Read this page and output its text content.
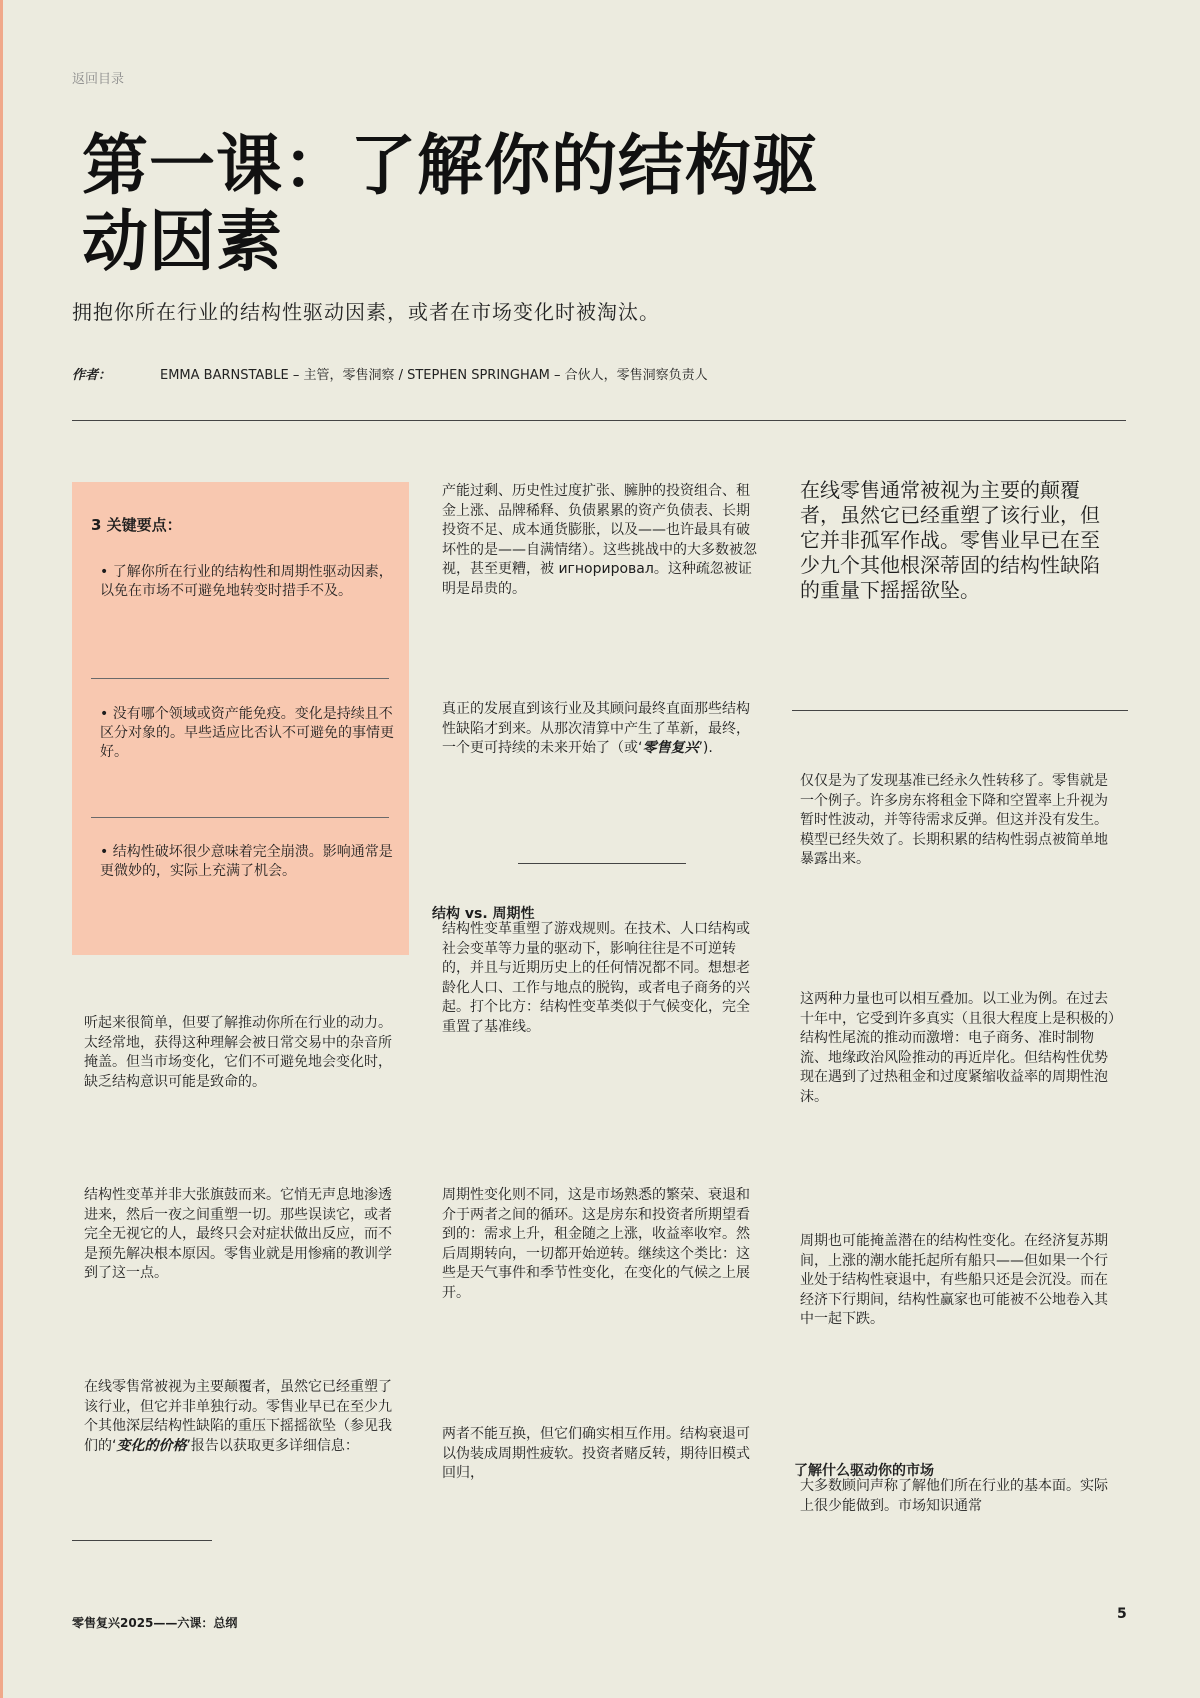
返回目录
第一课：了解你的结构驱动因素
拥抱你所在行业的结构性驱动因素，或者在市场变化时被淘汰。
作者：	EMMA BARNSTABLE – 主管，零售洞察 / STEPHEN SPRINGHAM – 合伙人，零售洞察负责人
3 关键要点：
• 了解你所在行业的结构性和周期性驱动因素，以免在市场不可避免地转变时措手不及。
• 没有哪个领域或资产能免疫。变化是持续且不区分对象的。早些适应比否认不可避免的事情更好。
• 结构性破坏很少意味着完全崩溃。影响通常是更微妙的，实际上充满了机会。
听起来很简单，但要了解推动你所在行业的动力。太经常地，获得这种理解会被日常交易中的杂音所掩盖。但当市场变化，它们不可避免地会变化时，缺乏结构意识可能是致命的。
结构性变革并非大张旗鼓而来。它悄无声息地渗透进来，然后一夜之间重塑一切。那些误读它，或者完全无视它的人，最终只会对症状做出反应，而不是预先解决根本原因。零售业就是用惨痛的教训学到了这一点。
在线零售常被视为主要颠覆者，虽然它已经重塑了该行业，但它并非单独行动。零售业早已在至少九个其他深层结构性缺陷的重压下摇摇欲坠（参见我们的‘变化的价格’报告以获取更多详细信息：
产能过剩、历史性过度扩张、臃肿的投资组合、租金上涨、品牌稀释、负债累累的资产负债表、长期投资不足、成本通货膨胀，以及——也许最具有破坏性的是——自满情绪）。这些挑战中的大多数被忽视，甚至更糟，被 игнорировал。这种疏忽被证明是昂贵的。
真正的发展直到该行业及其顾问最终直面那些结构性缺陷才到来。从那次清算中产生了革新，最终，一个更可持续的未来开始了（或‘零售复兴’).
结构 vs. 周期性
结构性变革重塑了游戏规则。在技术、人口结构或社会变革等力量的驱动下，影响往往是不可逆转的，并且与近期历史上的任何情况都不同。想想老龄化人口、工作与地点的脱钩，或者电子商务的兴起。打个比方：结构性变革类似于气候变化，完全重置了基准线。
周期性变化则不同，这是市场熟悉的繁荣、衰退和介于两者之间的循环。这是房东和投资者所期望看到的：需求上升，租金随之上涨，收益率收窄。然后周期转向，一切都开始逆转。继续这个类比：这些是天气事件和季节性变化，在变化的气候之上展开。
两者不能互换，但它们确实相互作用。结构衰退可以伪装成周期性疲软。投资者赌反转，期待旧模式回归，
在线零售通常被视为主要的颠覆者，虽然它已经重塑了该行业，但它并非孤军作战。零售业早已在至少九个其他根深蒂固的结构性缺陷的重量下摇摇欲坠。
仅仅是为了发现基准已经永久性转移了。零售就是一个例子。许多房东将租金下降和空置率上升视为暂时性波动，并等待需求反弹。但这并没有发生。模型已经失效了。长期积累的结构性弱点被简单地暴露出来。
这两种力量也可以相互叠加。以工业为例。在过去十年中，它受到许多真实（且很大程度上是积极的）结构性尾流的推动而激增：电子商务、准时制物流、地缘政治风险推动的再近岸化。但结构性优势现在遇到了过热租金和过度紧缩收益率的周期性泡沫。
周期也可能掩盖潜在的结构性变化。在经济复苏期间，上涨的潮水能托起所有船只——但如果一个行业处于结构性衰退中，有些船只还是会沉没。而在经济下行期间，结构性赢家也可能被不公地卷入其中一起下跌。
了解什么驱动你的市场
大多数顾问声称了解他们所在行业的基本面。实际上很少能做到。市场知识通常
零售复兴2025——六课：总纲
5
